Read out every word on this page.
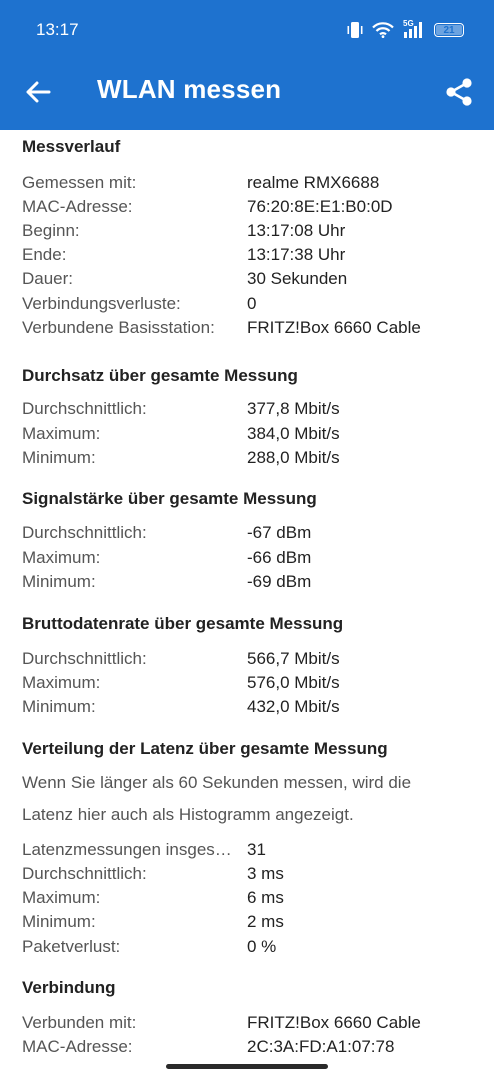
13:17	5G
21
WLAN messen
Messverlauf
Gemessen mit:	realme RMX6688
MAC-Adresse:	76:20:8E:E1:B0:0D
Beginn:	13:17:08 Uhr
Ende:	13:17:38 Uhr
Dauer:	30 Sekunden
Verbindungsverluste:	0
Verbundene Basisstation:	FRITZ!Box 6660 Cable
Durchsatz über gesamte Messung
Durchschnittlich:	377,8 Mbit/s
Maximum:	384,0 Mbit/s
Minimum:	288,0 Mbit/s
Signalstärke über gesamte Messung
Durchschnittlich:	-67 dBm
Maximum:	-66 dBm
Minimum:	-69 dBm
Bruttodatenrate über gesamte Messung
Durchschnittlich:	566,7 Mbit/s
Maximum:	576,0 Mbit/s
Minimum:	432,0 Mbit/s
Verteilung der Latenz über gesamte Messung
Wenn Sie länger als 60 Sekunden messen, wird die
Latenz hier auch als Histogramm angezeigt.
Latenzmessungen insges… 31
Durchschnittlich:	3 ms
Maximum:	6 ms
Minimum:	2 ms
Paketverlust:	0 %
Verbindung
Verbunden mit:	FRITZ!Box 6660 Cable
MAC-Adresse:	2C:3A:FD:A1:07:78
